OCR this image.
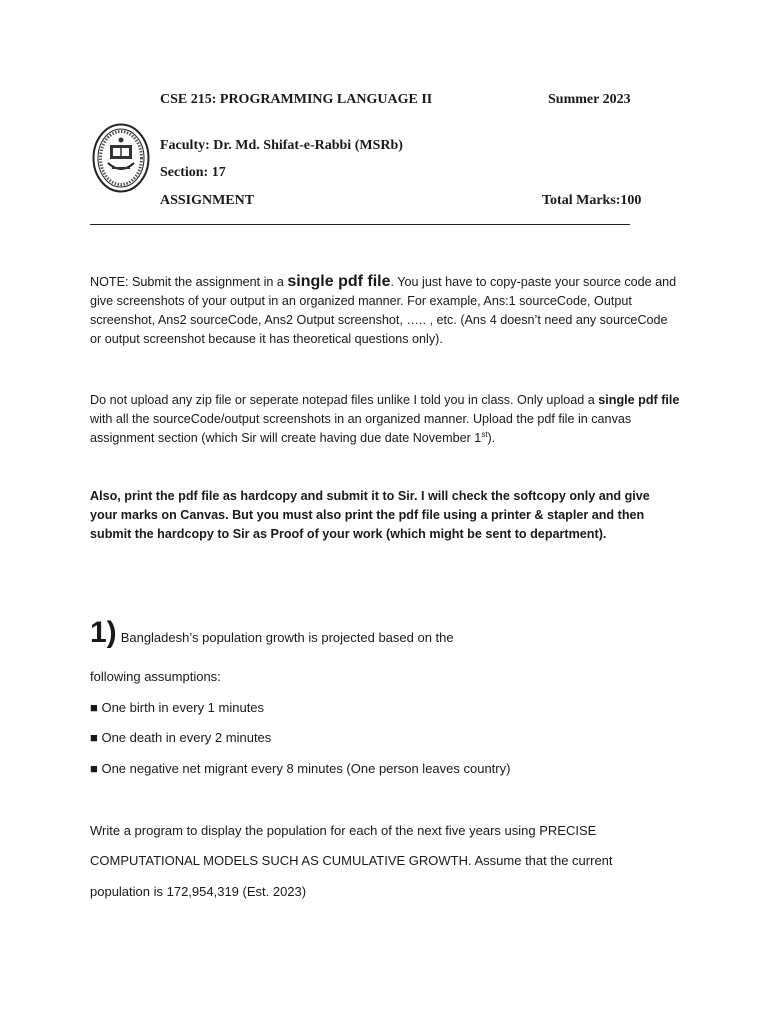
CSE 215: PROGRAMMING LANGUAGE II	Summer 2023
Faculty: Dr. Md. Shifat-e-Rabbi (MSRb)
Section: 17
ASSIGNMENT	Total Marks:100
NOTE: Submit the assignment in a single pdf file. You just have to copy-paste your source code and give screenshots of your output in an organized manner. For example, Ans:1 sourceCode, Output screenshot, Ans2 sourceCode, Ans2 Output screenshot, ….. , etc. (Ans 4 doesn’t need any sourceCode or output screenshot because it has theoretical questions only).
Do not upload any zip file or seperate notepad files unlike I told you in class. Only upload a single pdf file with all the sourceCode/output screenshots in an organized manner. Upload the pdf file in canvas assignment section (which Sir will create having due date November 1st).
Also, print the pdf file as hardcopy and submit it to Sir. I will check the softcopy only and give your marks on Canvas. But you must also print the pdf file using a printer & stapler and then submit the hardcopy to Sir as Proof of your work (which might be sent to department).
1) Bangladesh’s population growth is projected based on the
following assumptions:
■ One birth in every 1 minutes
■ One death in every 2 minutes
■ One negative net migrant every 8 minutes (One person leaves country)
Write a program to display the population for each of the next five years using PRECISE
COMPUTATIONAL MODELS SUCH AS CUMULATIVE GROWTH. Assume that the current
population is 172,954,319 (Est. 2023)
